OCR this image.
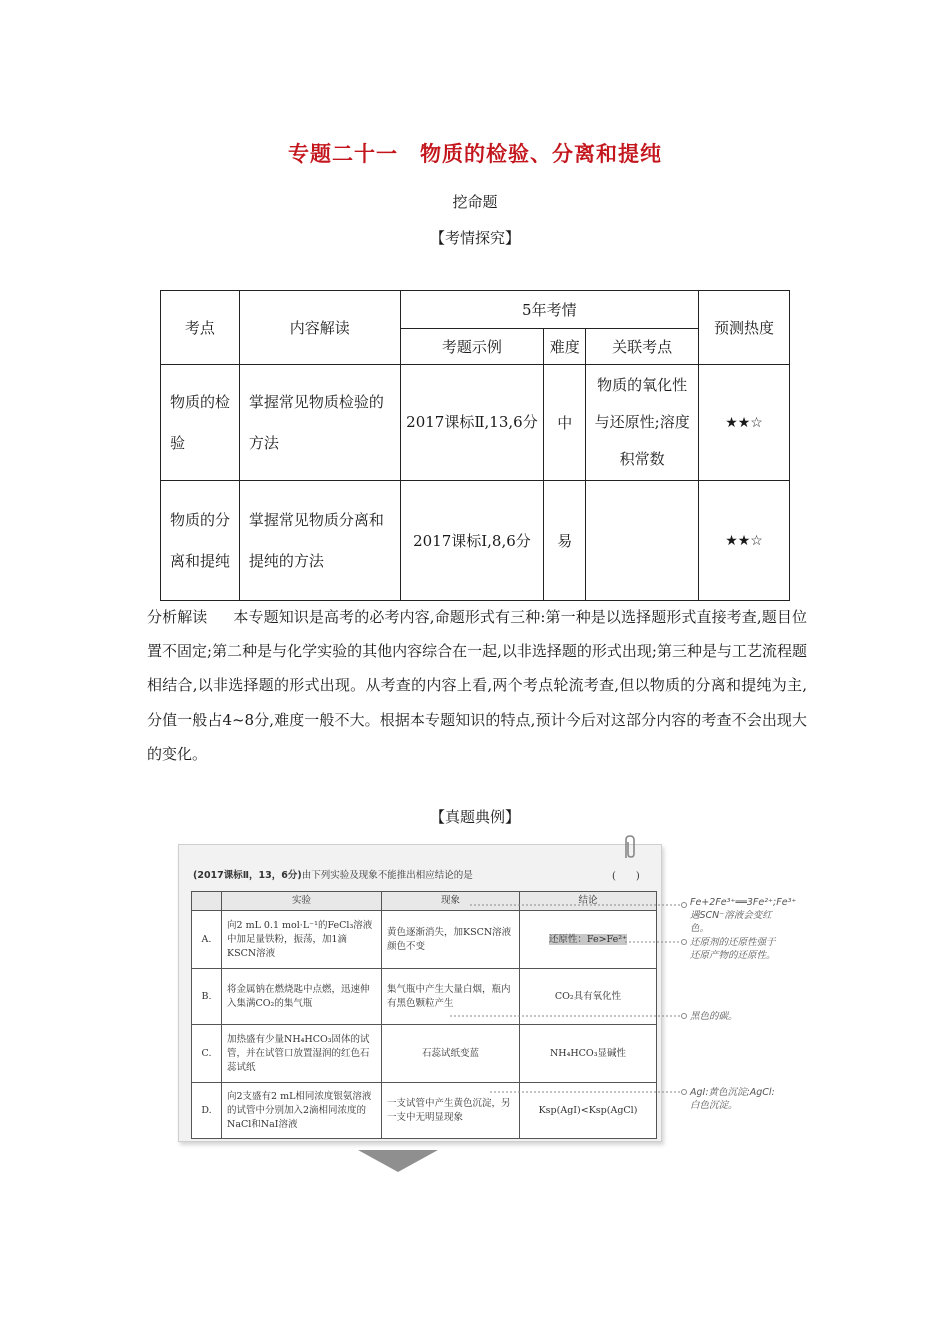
专题二十一　物质的检验、分离和提纯
挖命题
【考情探究】
考点	内容解读	5年考情			预测热度
		考题示例	难度	关联考点	
物质的检验	掌握常见物质检验的方法	2017课标Ⅱ,13,6分	中	物质的氧化性与还原性;溶度积常数	★★☆
物质的分离和提纯	掌握常见物质分离和提纯的方法	2017课标Ⅰ,8,6分	易		★★☆
分析解读 本专题知识是高考的必考内容,命题形式有三种:第一种是以选择题形式直接考查,题目位置不固定;第二种是与化学实验的其他内容综合在一起,以非选择题的形式出现;第三种是与工艺流程题相结合,以非选择题的形式出现。从考查的内容上看,两个考点轮流考查,但以物质的分离和提纯为主,分值一般占4~8分,难度一般不大。根据本专题知识的特点,预计今后对这部分内容的考查不会出现大的变化。
【真题典例】
(2017课标Ⅱ，13，6分)由下列实验及现象不能推出相应结论的是	(　　)
	实验	现象	结论
A.	向2 mL 0.1 mol·L⁻¹的FeCl₃溶液中加足量铁粉，振荡，加1滴KSCN溶液	黄色逐渐消失，加KSCN溶液颜色不变	还原性：Fe>Fe²⁺
B.	将金属钠在燃烧匙中点燃，迅速伸入集满CO₂的集气瓶	集气瓶中产生大量白烟，瓶内有黑色颗粒产生	CO₂具有氧化性
C.	加热盛有少量NH₄HCO₃固体的试管，并在试管口放置湿润的红色石蕊试纸	石蕊试纸变蓝	NH₄HCO₃显碱性
D.	向2支盛有2 mL相同浓度银氨溶液的试管中分别加入2滴相同浓度的NaCl和NaI溶液	一支试管中产生黄色沉淀，另一支中无明显现象	Ksp(AgI)<Ksp(AgCl)
Fe+2Fe³⁺══3Fe²⁺;Fe³⁺遇SCN⁻溶液会变红色。
还原剂的还原性强于还原产物的还原性。
黑色的碳。
AgI:黄色沉淀;AgCl:白色沉淀。
